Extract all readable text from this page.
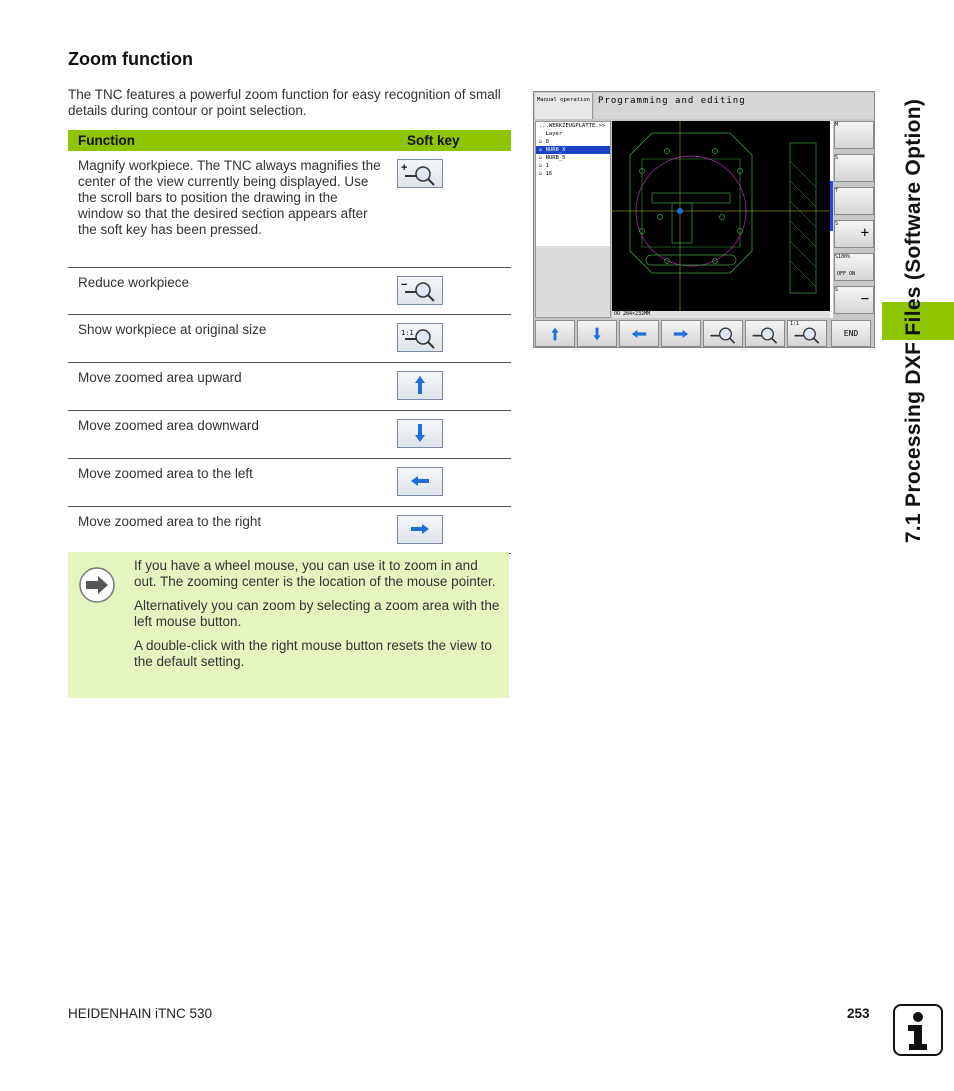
Zoom function
The TNC features a powerful zoom function for easy recognition of small details during contour or point selection.
Function Soft key	

Magnify workpiece. The TNC always magnifies the center of the view currently being displayed. Use the scroll bars to position the drawing in the window so that the desired section appears after the soft key has been pressed.	+

Reduce workpiece	−

Show workpiece at original size	1:1

Move zoomed area upward	

Move zoomed area downward	

Move zoomed area to the left	

Move zoomed area to the right	

If you have a wheel mouse, you can use it to zoom in and out. The zooming center is the location of the mouse pointer.

Alternatively you can zoom by selecting a zoom area with the left mouse button.

A double-click with the right mouse button resets the view to the default setting.

Manual operation Programming and editing
...WERKZEUGPLATTE.>>
Layer
☑ 0
☑ NURB_X
☑ NURB_5
☑ 1
☑ 16
OO 284×232MM
M
S
T
S
+
S100%
OFF ON
S
−
1:1
END	7.1 Processing DXF Files (Software Option)
HEIDENHAIN iTNC 530	253
